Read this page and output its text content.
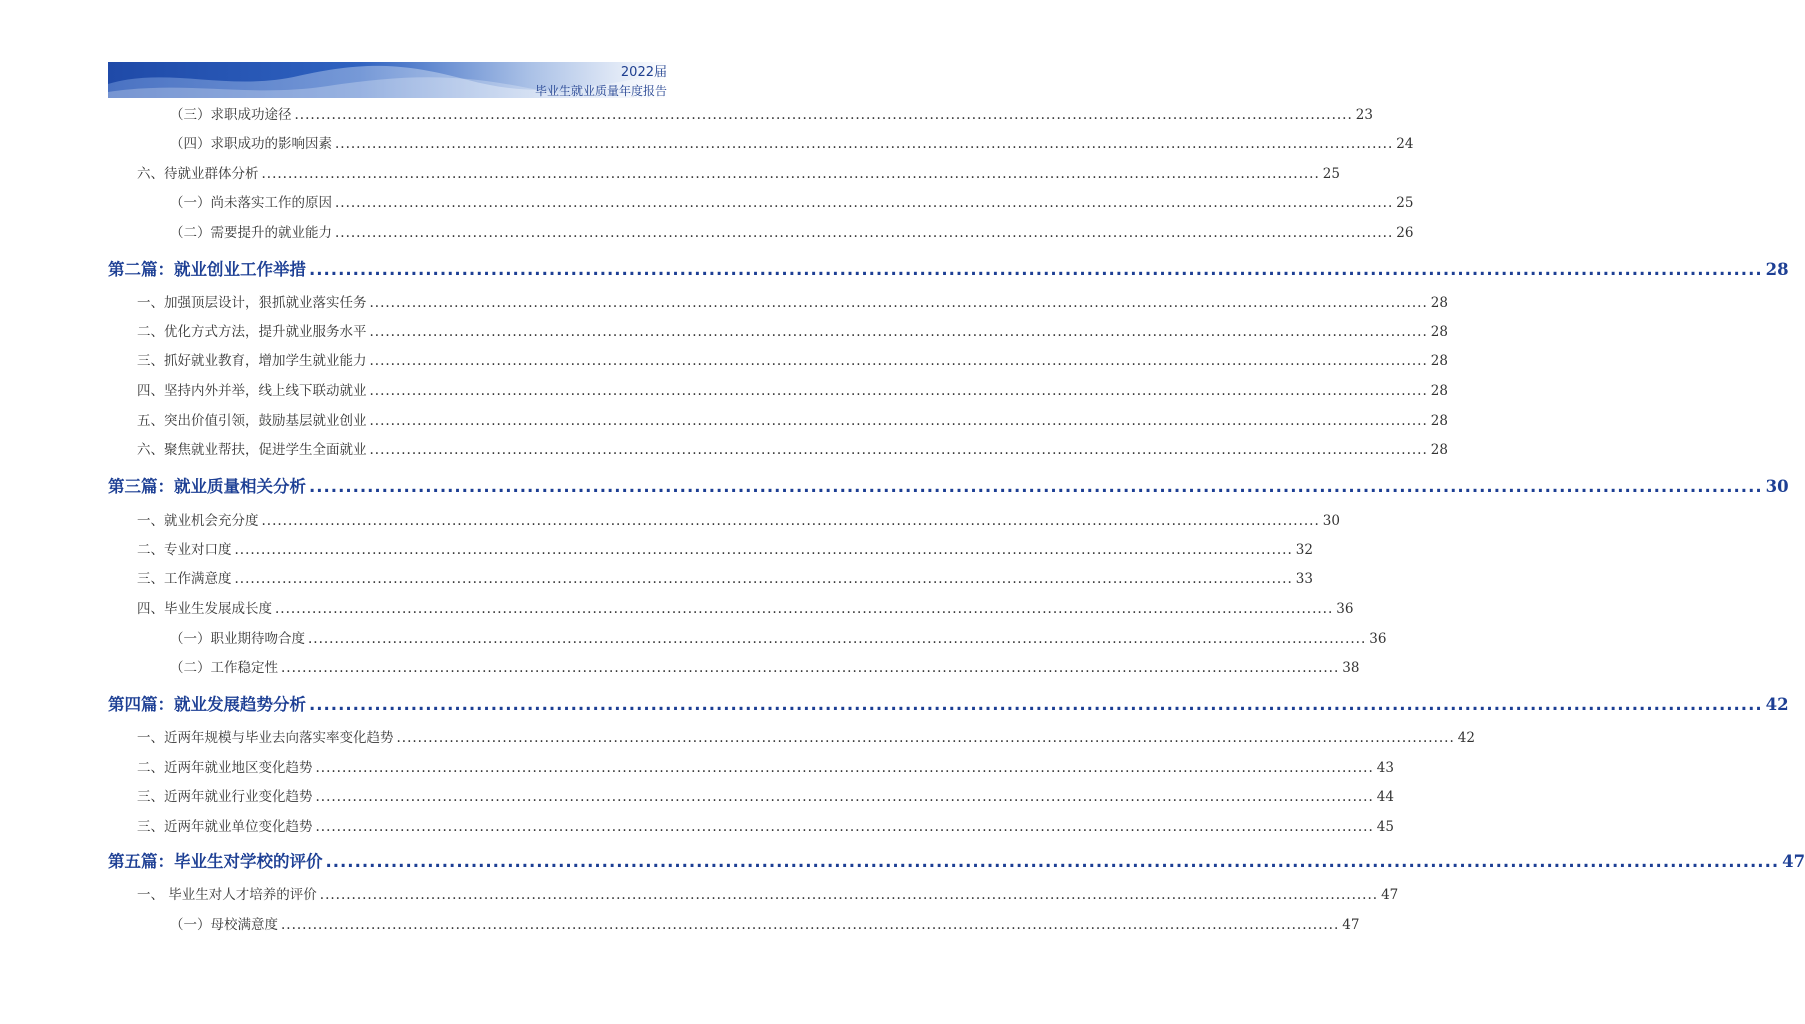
2022届
毕业生就业质量年度报告
（三）求职成功途径 ........................................................................................................................................................................................................ 23
（四）求职成功的影响因素 ........................................................................................................................................................................................................ 24
六、待就业群体分析 ........................................................................................................................................................................................................ 25
（一）尚未落实工作的原因 ........................................................................................................................................................................................................ 25
（二）需要提升的就业能力 ........................................................................................................................................................................................................ 26
第二篇：就业创业工作举措 ........................................................................................................................................................................................................ 28
一、加强顶层设计，狠抓就业落实任务 ........................................................................................................................................................................................................ 28
二、优化方式方法，提升就业服务水平 ........................................................................................................................................................................................................ 28
三、抓好就业教育，增加学生就业能力 ........................................................................................................................................................................................................ 28
四、坚持内外并举，线上线下联动就业 ........................................................................................................................................................................................................ 28
五、突出价值引领，鼓励基层就业创业 ........................................................................................................................................................................................................ 28
六、聚焦就业帮扶，促进学生全面就业 ........................................................................................................................................................................................................ 28
第三篇：就业质量相关分析 ........................................................................................................................................................................................................ 30
一、就业机会充分度 ........................................................................................................................................................................................................ 30
二、专业对口度 ........................................................................................................................................................................................................ 32
三、工作满意度 ........................................................................................................................................................................................................ 33
四、毕业生发展成长度 ........................................................................................................................................................................................................ 36
（一）职业期待吻合度 ........................................................................................................................................................................................................ 36
（二）工作稳定性 ........................................................................................................................................................................................................ 38
第四篇：就业发展趋势分析 ........................................................................................................................................................................................................ 42
一、近两年规模与毕业去向落实率变化趋势 ........................................................................................................................................................................................................ 42
二、近两年就业地区变化趋势 ........................................................................................................................................................................................................ 43
三、近两年就业行业变化趋势 ........................................................................................................................................................................................................ 44
三、近两年就业单位变化趋势 ........................................................................................................................................................................................................ 45
第五篇：毕业生对学校的评价 ........................................................................................................................................................................................................ 47
一、 毕业生对人才培养的评价 ........................................................................................................................................................................................................ 47
（一）母校满意度 ........................................................................................................................................................................................................ 47
